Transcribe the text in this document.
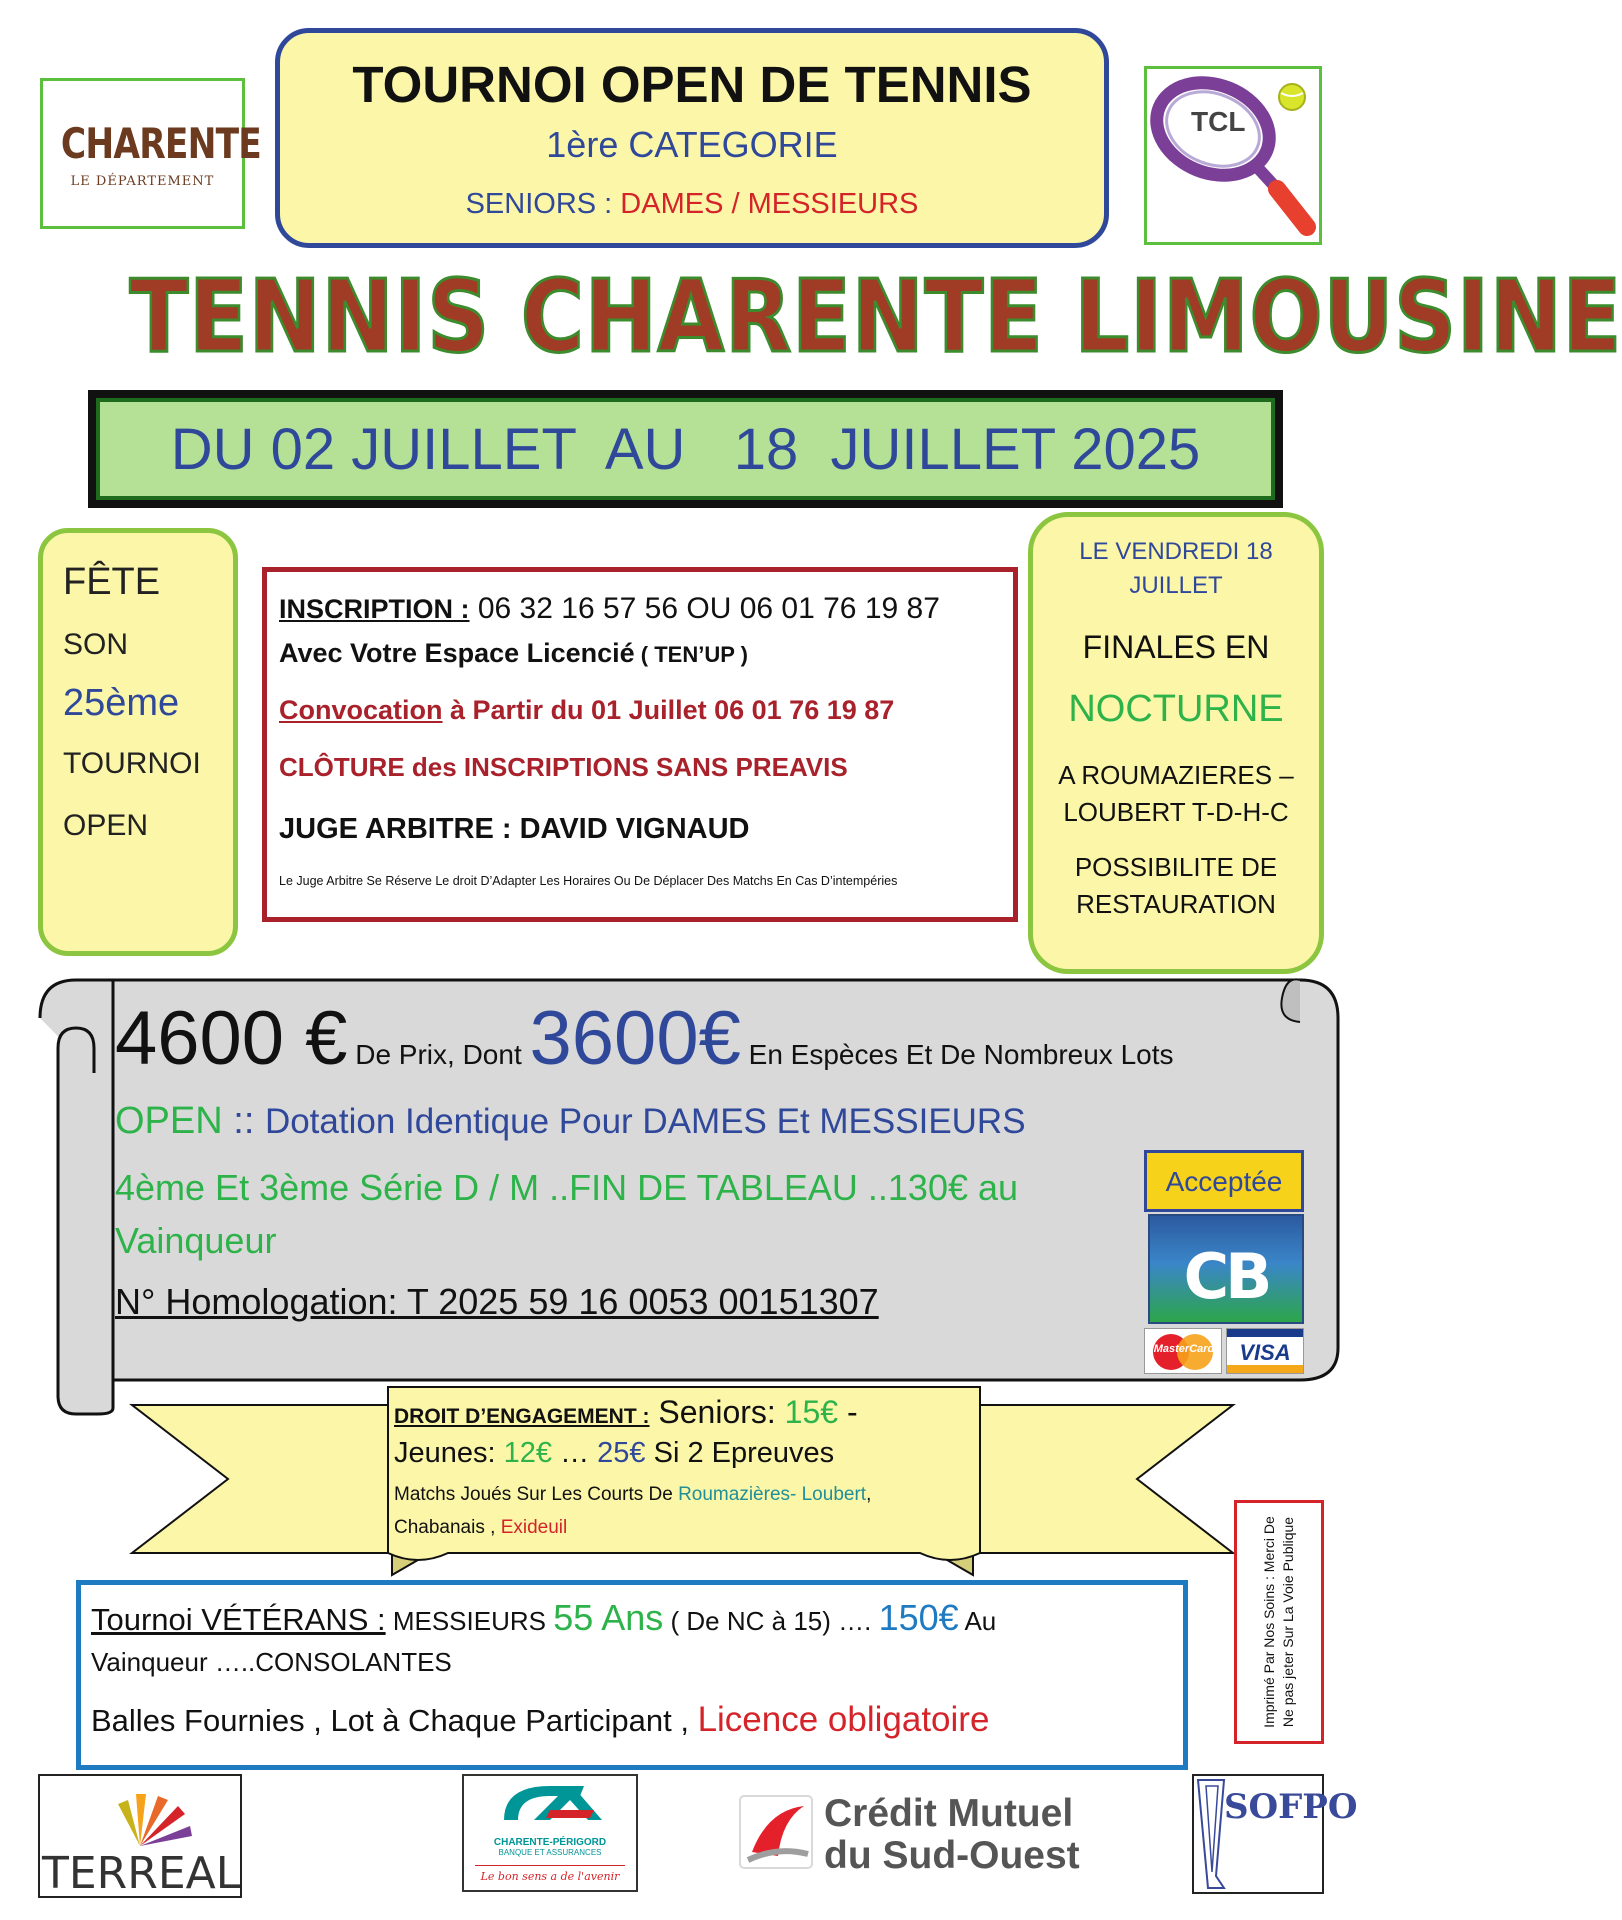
CHARENTE
LE DÉPARTEMENT
TOURNOI OPEN DE TENNIS
1ère CATEGORIE
SENIORS : DAMES / MESSIEURS
TCL
TENNIS CHARENTE LIMOUSINE
DU 02 JUILLET  AU   18  JUILLET 2025
FÊTE
SON
25ème
TOURNOI
OPEN
INSCRIPTION : 06 32 16 57 56 OU 06 01 76 19 87
Avec Votre Espace Licencié ( TEN’UP )
Convocation à Partir du 01 Juillet 06 01 76 19 87
CLÔTURE des INSCRIPTIONS SANS PREAVIS
JUGE ARBITRE : DAVID VIGNAUD
Le Juge Arbitre Se Réserve Le droit D’Adapter Les Horaires Ou De Déplacer Des Matchs En Cas D’intempéries
LE VENDREDI 18 JUILLET
FINALES EN
NOCTURNE
A ROUMAZIERES – LOUBERT T-D-H-C
POSSIBILITE DE RESTAURATION
4600 € De Prix, Dont 3600€ En Espèces Et De Nombreux Lots
OPEN :: Dotation Identique Pour DAMES Et MESSIEURS
4ème Et 3ème Série D / M ..FIN DE TABLEAU ..130€ au Vainqueur
N° Homologation: T 2025 59 16 0053 00151307
Acceptée
CB
MasterCard	VISA
DROIT D’ENGAGEMENT : Seniors: 15€ -
Jeunes: 12€ … 25€ Si 2 Epreuves
Matchs Joués Sur Les Courts De Roumazières- Loubert, Chabanais , Exideuil
Tournoi VÉTÉRANS : MESSIEURS 55 Ans ( De NC à 15) …. 150€ Au
Vainqueur …..CONSOLANTES
Balles Fournies , Lot à Chaque Participant , Licence obligatoire	Imprimé Par Nos Soins : Merci De Ne pas jeter Sur La Voie Publique
TERREAL
CHARENTE-PÉRIGORD
BANQUE ET ASSURANCES
Le bon sens a de l'avenir
Crédit Mutuel
du Sud-Ouest
SOFPO
